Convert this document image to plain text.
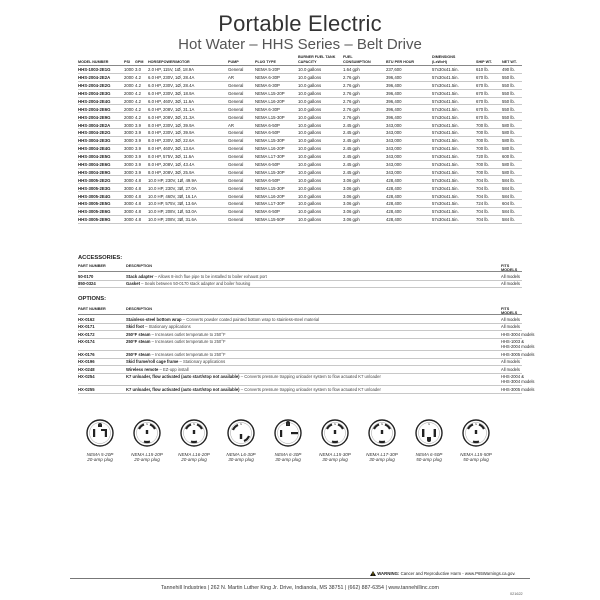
Portable Electric
Hot Water – HHS Series – Belt Drive
MODEL NUMBER	PSI GPM HORSEPOWER/MOTOR	PUMP	PLUG TYPE
BURNER FUEL TANK CAPACITY
FUEL CONSUMPTION	BTU PER HOUR
DIMENSIONS (LxWxH)	SHIP WT.	NET WT.
HHS-1003-2E1G	1000 3.0 2.0 HP, 115V, 1Ø, 18.9A	General	NEMA 5-20P	10.0 gallons	1.64 gph	237,600	57x30x41.5in.	610 lb.	490 lb.
HHS-2004-2E2A	2000 4.2 6.0 HP, 230V, 1Ø, 28.4A	AR	NEMA 6-30P	10.0 gallons	2.76 gph	396,400	57x30x41.5in.	670 lb.	550 lb.
HHS-2004-2E2G	2000 4.2 6.0 HP, 230V, 1Ø, 28.4A	General	NEMA 6-30P	10.0 gallons	2.76 gph	396,400	57x30x41.5in.	670 lb.	550 lb.
HHS-2004-2E3G	2000 4.2 6.0 HP, 230V, 3Ø, 18.9A	General	NEMA L15-20P	10.0 gallons	2.76 gph	396,400	57x30x41.5in.	670 lb.	550 lb.
HHS-2004-2E4G	2000 4.2 6.0 HP, 460V, 3Ø, 11.6A	General	NEMA L16-20P	10.0 gallons	2.76 gph	396,400	57x30x41.5in.	670 lb.	550 lb.
HHS-2004-2E6G	2000 4.2 6.0 HP, 208V, 1Ø, 31.1A	General	NEMA 6-30P	10.0 gallons	2.76 gph	396,400	57x30x41.5in.	670 lb.	550 lb.
HHS-2004-2E9G	2000 4.2 6.0 HP, 208V, 3Ø, 21.3A	General	NEMA L15-30P	10.0 gallons	2.76 gph	396,400	57x30x41.5in.	670 lb.	550 lb.
HHS-3004-2E2A	3000 3.9 8.0 HP, 230V, 1Ø, 39.9A	AR	NEMA 6-50P	10.0 gallons	2.45 gph	343,000	57x30x41.5in.	700 lb.	580 lb.
HHS-3004-2E2G	3000 3.9 8.0 HP, 230V, 1Ø, 39.9A	General	NEMA 6-50P	10.0 gallons	2.45 gph	343,000	57x30x41.5in.	700 lb.	580 lb.
HHS-3004-2E3G	3000 3.9 8.0 HP, 230V, 3Ø, 22.6A	General	NEMA L15-30P	10.0 gallons	2.45 gph	343,000	57x30x41.5in.	700 lb.	580 lb.
HHS-3004-2E4G	3000 3.9 8.0 HP, 460V, 3Ø, 13.6A	General	NEMA L16-20P	10.0 gallons	2.45 gph	343,000	57x30x41.5in.	700 lb.	580 lb.
HHS-3004-2E5G	3000 3.9 8.0 HP, 575V, 3Ø, 11.6A	General	NEMA L17-30P	10.0 gallons	2.45 gph	343,000	57x30x41.5in.	720 lb.	600 lb.
HHS-3004-2E6G	3000 3.9 8.0 HP, 208V, 1Ø, 43.4A	General	NEMA 6-50P	10.0 gallons	2.45 gph	343,000	57x30x41.5in.	700 lb.	580 lb.
HHS-3004-2E9G	3000 3.9 8.0 HP, 208V, 3Ø, 25.9A	General	NEMA L15-30P	10.0 gallons	2.45 gph	343,000	57x30x41.5in.	700 lb.	580 lb.
HHS-3005-2E2G	3000 4.8 10.0 HP, 230V, 1Ø, 49.9A	General	NEMA 6-50P	10.0 gallons	3.06 gph	428,400	57x30x41.5in.	704 lb.	584 lb.
HHS-3005-2E3G	3000 4.8 10.0 HP, 230V, 3Ø, 27.0A	General	NEMA L15-30P	10.0 gallons	3.06 gph	428,400	57x30x41.5in.	704 lb.	584 lb.
HHS-3005-2E4G	3000 4.8 10.0 HP, 460V, 3Ø, 16.1A	General	NEMA L16-20P	10.0 gallons	3.06 gph	428,400	57x30x41.5in.	704 lb.	584 lb.
HHS-3005-2E5G	3000 4.8 10.0 HP, 575V, 3Ø, 13.6A	General	NEMA L17-30P	10.0 gallons	3.06 gph	428,400	57x30x41.5in.	724 lb.	604 lb.
HHS-3005-2E6G	3000 4.8 10.0 HP, 208V, 1Ø, 53.0A	General	NEMA 6-50P	10.0 gallons	3.06 gph	428,400	57x30x41.5in.	704 lb.	584 lb.
HHS-3005-2E9G	3000 4.8 10.0 HP, 208V, 3Ø, 31.6A	General	NEMA L15-50P	10.0 gallons	3.06 gph	428,400	57x30x41.5in.	704 lb.	584 lb.
ACCESSORIES:
PART NUMBER	DESCRIPTION	FITS MODELS
50-0170	Stack adapter – Allows 8-inch flue pipe to be installed to boiler exhaust port	All models
850-0324	Gasket – Seals between 50-0170 stack adapter and boiler housing	All models
OPTIONS:
PART NUMBER	DESCRIPTION	FITS MODELS
HX-0162	Stainless-steel bottom wrap – Converts powder coated painted bottom wrap to stainless-steel material	All models
HX-0171	Skid foot – Stationary applications	All models
HX-0172	250°F steam – Increases outlet temperature to 250°F	HHS-3004 models
HX-0174	250°F steam – Increases outlet temperature to 250°F	HHS-1003 &
HHS-2004 models
HX-0176	250°F steam – Increases outlet temperature to 250°F	HHS-3005 models
HX-0196	Skid frame/roll cage frame – Stationary applications	All models
HX-0248	Wireless remote – EZ-upp install	All models
HX-0254	K7 unloader, flow activated (auto start/stop not available) – Converts pressure trapping unloader system to flow actuated K7 unloader	HHS-2004 &
HHS-3004 models
HX-0255	K7 unloader, flow activated (auto start/stop not available) – Converts pressure trapping unloader system to flow actuated K7 unloader	HHS-3005 models
G
NEMA 5-20P
20-amp plug
G
NEMA L15-20P
20-amp plug
G
NEMA L16-20P
20-amp plug
G
NEMA L6-30P
30-amp plug
G
NEMA 6-30P
30-amp plug
G
NEMA L15-30P
30-amp plug
G
NEMA L17-30P
30-amp plug
G
NEMA 6-50P
50-amp plug
G
NEMA L15-50P
50-amp plug
WARNING: Cancer and Reproductive Harm - www.P65Warnings.ca.gov.
Tannehill Industries | 262 N. Martin Luther King Jr. Drive, Indianola, MS 38751 | (662) 887-6354 | www.tannehillinc.com
021622
